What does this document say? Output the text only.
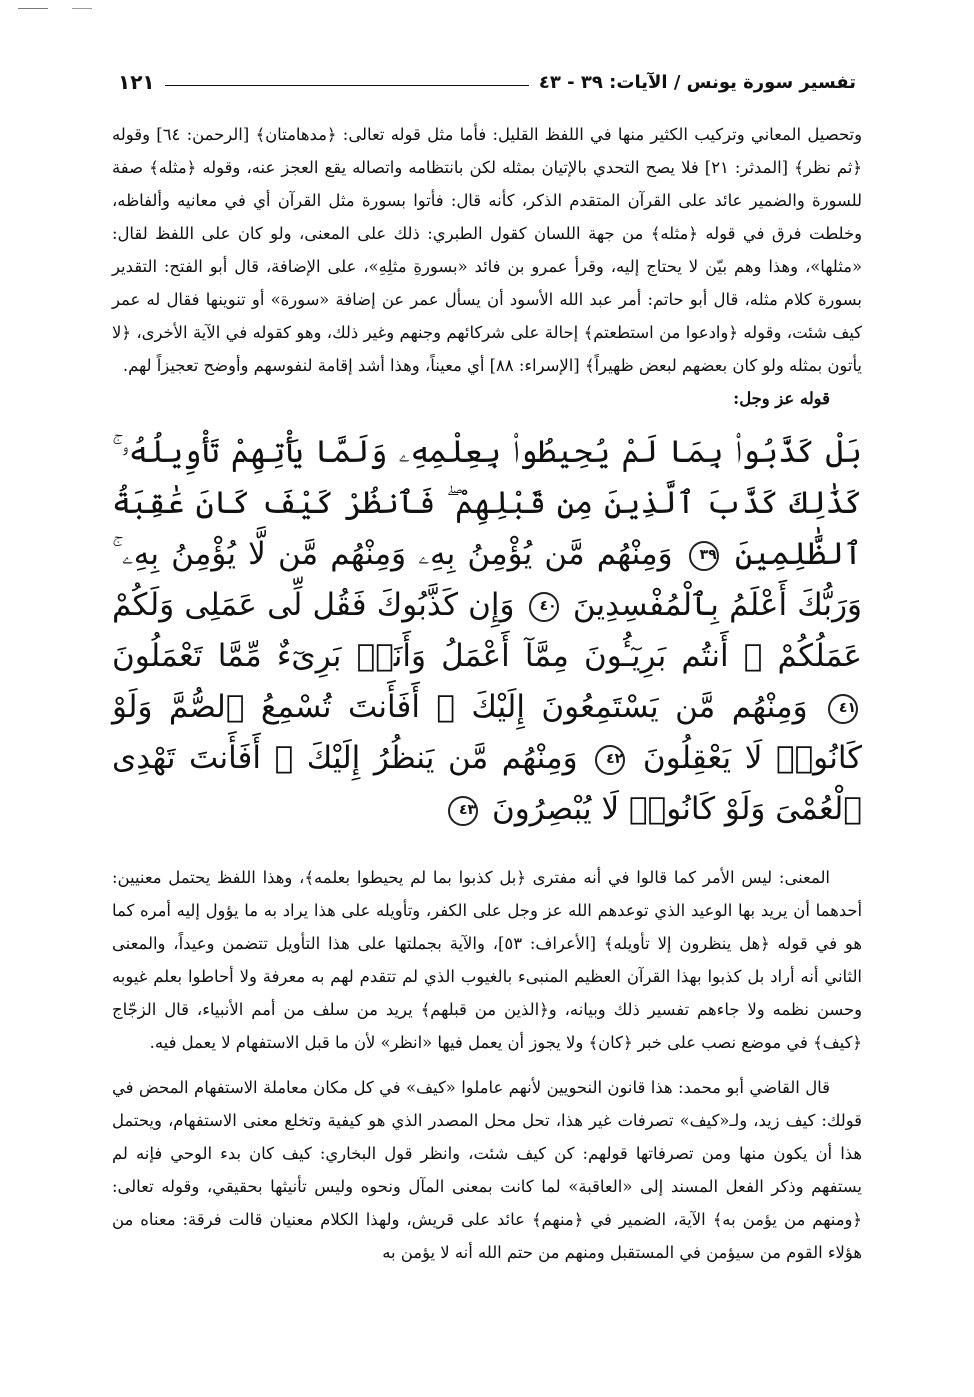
تفسير سورة يونس / الآيات: ٣٩ - ٤٣
١٢١

وتحصيل المعاني وتركيب الكثير منها في اللفظ القليل: فأما مثل قوله تعالى: ﴿مدهامتان﴾ [الرحمن: ٦٤] وقوله ﴿ثم نظر﴾ [المدثر: ٢١] فلا يصح التحدي بالإتيان بمثله لكن بانتظامه واتصاله يقع العجز عنه، وقوله ﴿مثله﴾ صفة للسورة والضمير عائد على القرآن المتقدم الذكر، كأنه قال: فأتوا بسورة مثل القرآن أي في معانيه وألفاظه، وخلطت فرق في قوله ﴿مثله﴾ من جهة اللسان كقول الطبري: ذلك على المعنى، ولو كان على اللفظ لقال: «مثلها»، وهذا وهم بيّن لا يحتاج إليه، وقرأ عمرو بن فائد «بسورةِ مثلِهِ»، على الإضافة، قال أبو الفتح: التقدير بسورة كلام مثله، قال أبو حاتم: أمر عبد الله الأسود أن يسأل عمر عن إضافة «سورة» أو تنوينها فقال له عمر كيف شئت، وقوله ﴿وادعوا من استطعتم﴾ إحالة على شركائهم وجنهم وغير ذلك، وهو كقوله في الآية الأخرى، ﴿لا يأتون بمثله ولو كان بعضهم لبعض ظهيراً﴾ [الإسراء: ٨٨] أي معيناً، وهذا أشد إقامة لنفوسهم وأوضح تعجيزاً لهم.

قوله عز وجل:

بَلْ كَذَّبُوا۟ بِمَا لَمْ يُحِيطُوا۟ بِعِلْمِهِۦ وَلَمَّا يَأْتِهِمْ تَأْوِيلُهُۥ ۚ كَذَٰلِكَ كَذَّبَ ٱلَّذِينَ مِن قَبْلِهِمْ ۖ فَٱنظُرْ كَيْفَ كَانَ عَٰقِبَةُ ٱلظَّٰلِمِينَ ٣٩ وَمِنْهُم مَّن يُؤْمِنُ بِهِۦ وَمِنْهُم مَّن لَّا يُؤْمِنُ بِهِۦ ۚ وَرَبُّكَ أَعْلَمُ بِٱلْمُفْسِدِينَ ٤٠ وَإِن كَذَّبُوكَ فَقُل لِّى عَمَلِى وَلَكُمْ عَمَلُكُمْ ۖ أَنتُم بَرِيٓـُٔونَ مِمَّآ أَعْمَلُ وَأَنَا۠ بَرِىٓءٌ مِّمَّا تَعْمَلُونَ ٤١ وَمِنْهُم مَّن يَسْتَمِعُونَ إِلَيْكَ ۚ أَفَأَنتَ تُسْمِعُ ٱلصُّمَّ وَلَوْ كَانُوا۟ لَا يَعْقِلُونَ ٤٢ وَمِنْهُم مَّن يَنظُرُ إِلَيْكَ ۚ أَفَأَنتَ تَهْدِى ٱلْعُمْىَ وَلَوْ كَانُوا۟ لَا يُبْصِرُونَ ٤٣

المعنى: ليس الأمر كما قالوا في أنه مفترى ﴿بل كذبوا بما لم يحيطوا بعلمه﴾، وهذا اللفظ يحتمل معنيين: أحدهما أن يريد بها الوعيد الذي توعدهم الله عز وجل على الكفر، وتأويله على هذا يراد به ما يؤول إليه أمره كما هو في قوله ﴿هل ينظرون إلا تأويله﴾ [الأعراف: ٥٣]، والآية بجملتها على هذا التأويل تتضمن وعيداً، والمعنى الثاني أنه أراد بل كذبوا بهذا القرآن العظيم المنبىء بالغيوب الذي لم تتقدم لهم به معرفة ولا أحاطوا بعلم غيوبه وحسن نظمه ولا جاءهم تفسير ذلك وبيانه، و﴿الذين من قبلهم﴾ يريد من سلف من أمم الأنبياء، قال الزجّاج ﴿كيف﴾ في موضع نصب على خبر ﴿كان﴾ ولا يجوز أن يعمل فيها «انظر» لأن ما قبل الاستفهام لا يعمل فيه.

قال القاضي أبو محمد: هذا قانون النحويين لأنهم عاملوا «كيف» في كل مكان معاملة الاستفهام المحض في قولك: كيف زيد، ولـ«كيف» تصرفات غير هذا، تحل محل المصدر الذي هو كيفية وتخلع معنى الاستفهام، ويحتمل هذا أن يكون منها ومن تصرفاتها قولهم: كن كيف شئت، وانظر قول البخاري: كيف كان بدء الوحي فإنه لم يستفهم وذكر الفعل المسند إلى «العاقبة» لما كانت بمعنى المآل ونحوه وليس تأنيثها بحقيقي، وقوله تعالى: ﴿ومنهم من يؤمن به﴾ الآية، الضمير في ﴿منهم﴾ عائد على قريش، ولهذا الكلام معنيان قالت فرقة: معناه من هؤلاء القوم من سيؤمن في المستقبل ومنهم من حتم الله أنه لا يؤمن به
